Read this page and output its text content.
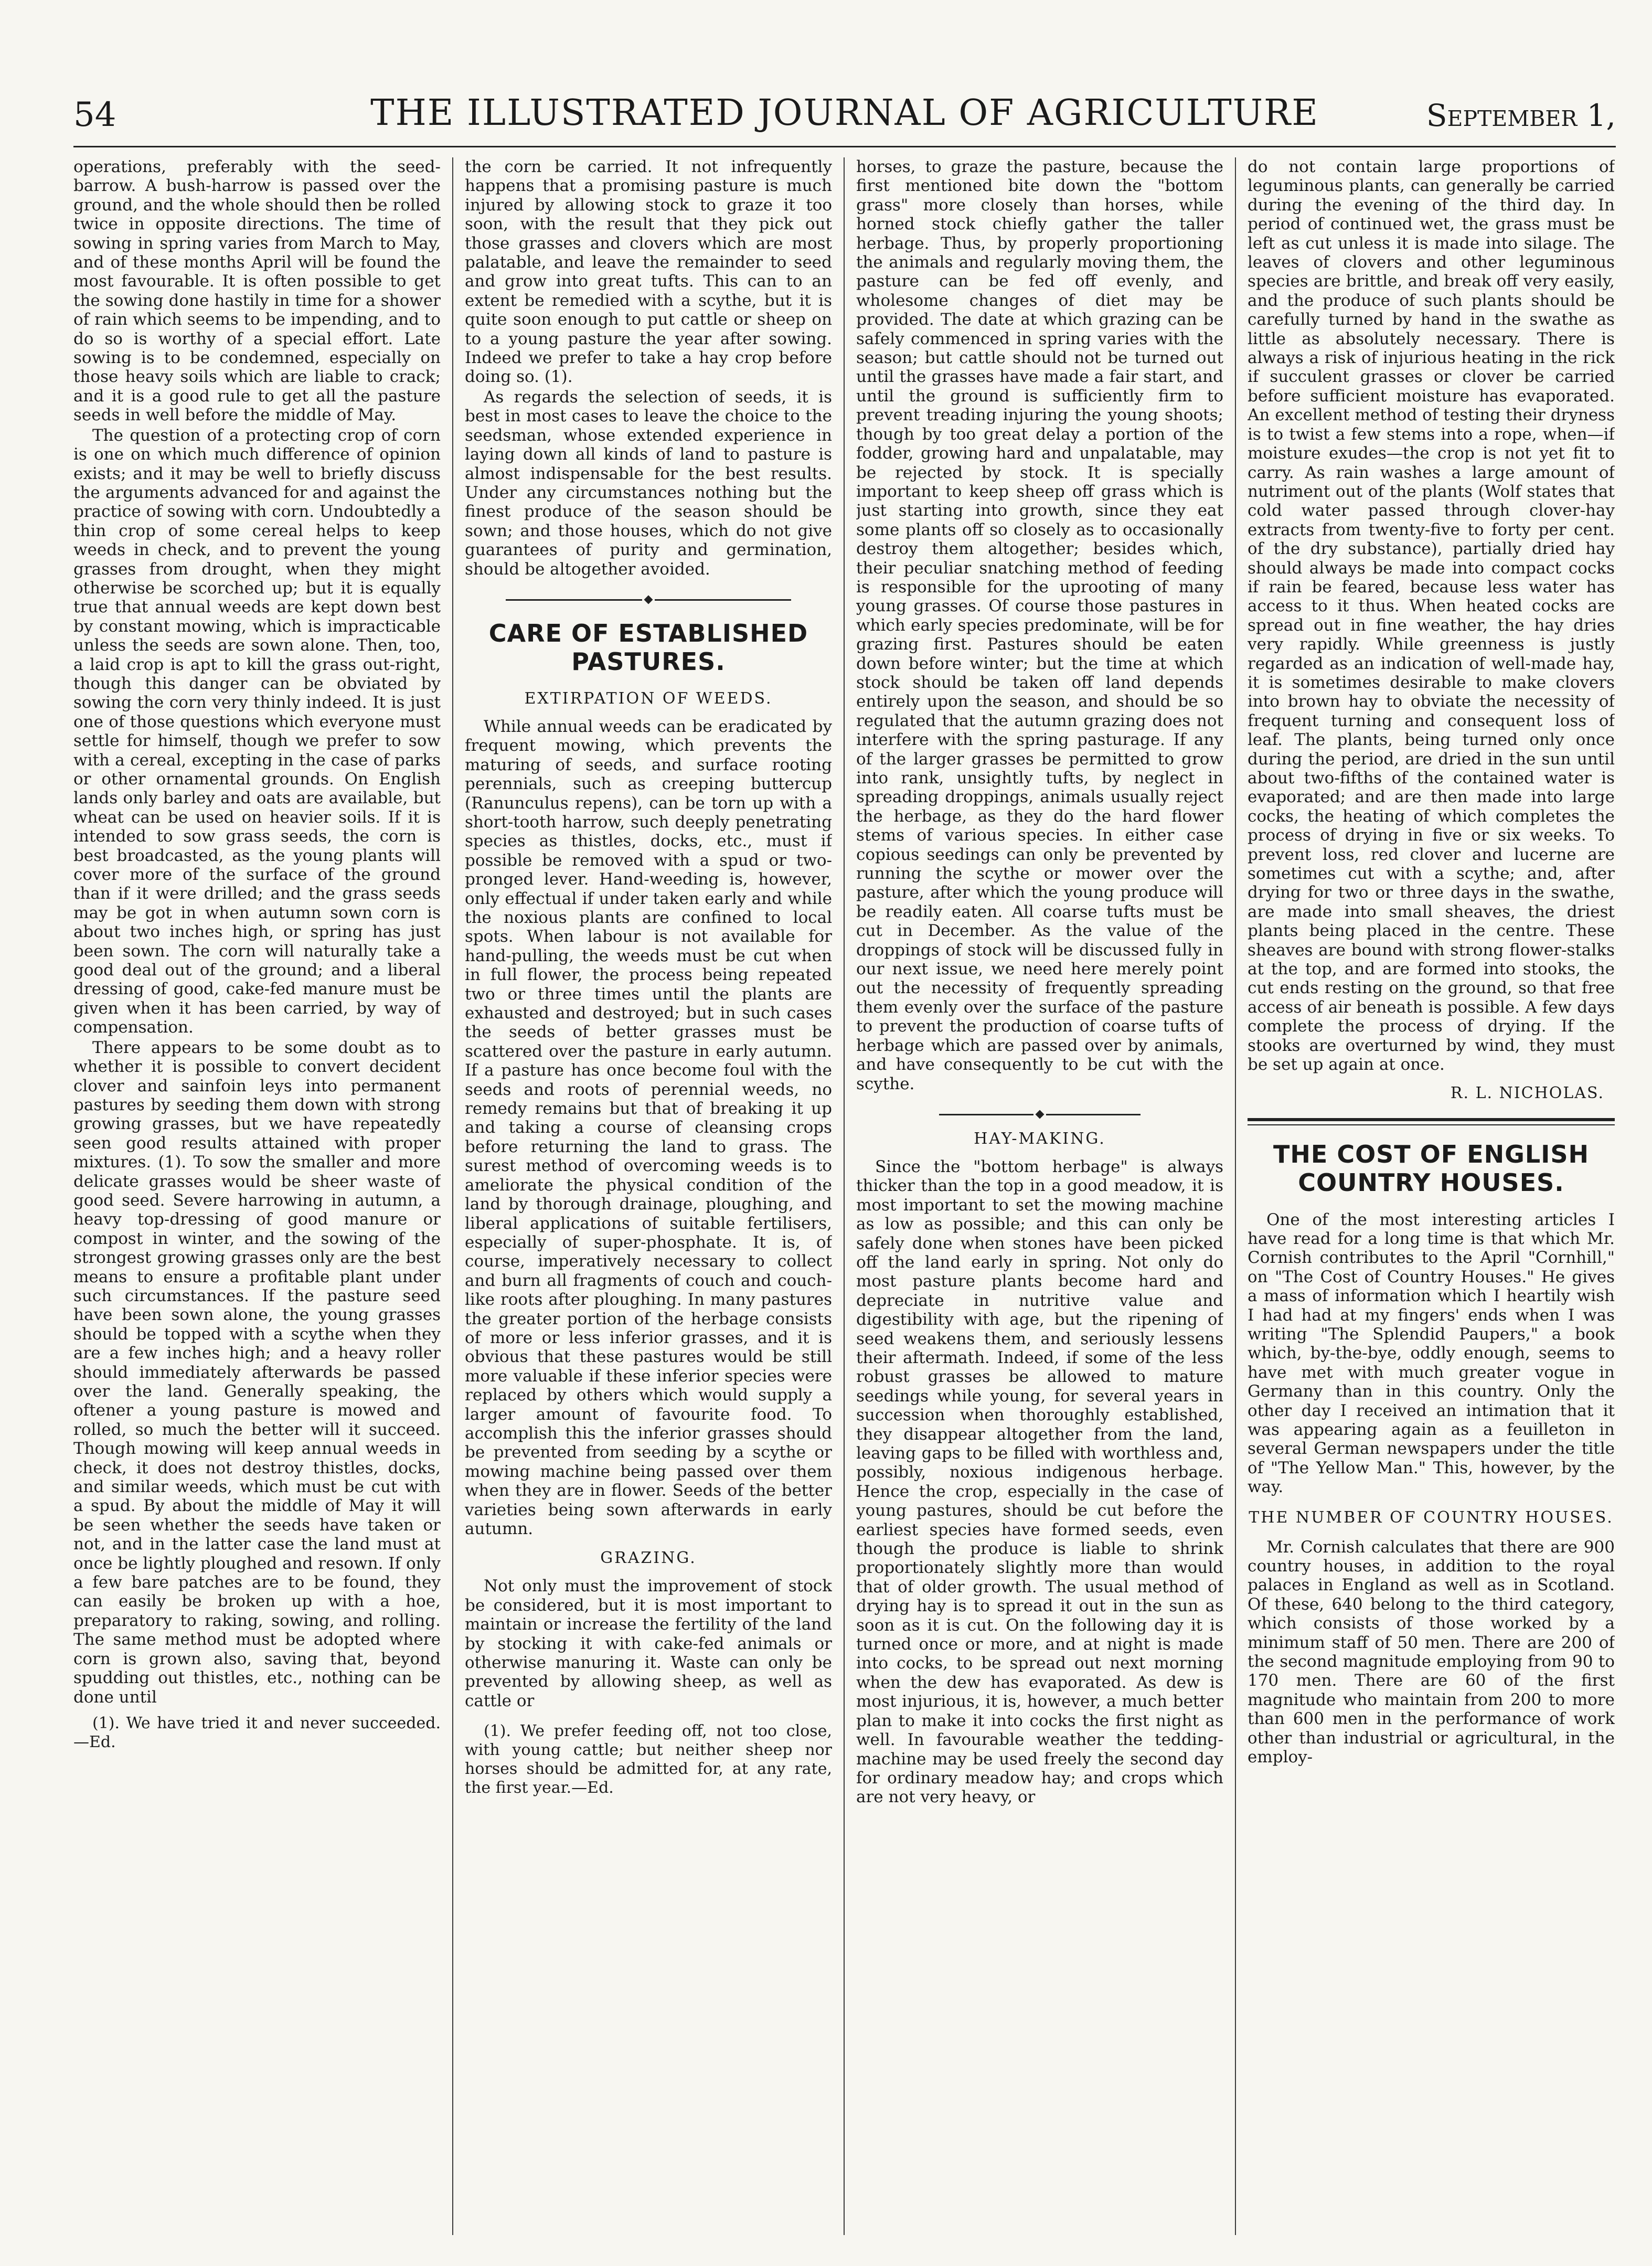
54	THE ILLUSTRATED JOURNAL OF AGRICULTURE	September 1,

operations, preferably with the seed-barrow. A bush-harrow is passed over the ground, and the whole should then be rolled twice in opposite directions. The time of sowing in spring varies from March to May, and of these months April will be found the most favourable. It is often possible to get the sowing done hastily in time for a shower of rain which seems to be impending, and to do so is worthy of a special effort. Late sowing is to be condemned, especially on those heavy soils which are liable to crack; and it is a good rule to get all the pasture seeds in well before the middle of May.

The question of a protecting crop of corn is one on which much difference of opinion exists; and it may be well to briefly discuss the arguments advanced for and against the practice of sowing with corn. Undoubtedly a thin crop of some cereal helps to keep weeds in check, and to prevent the young grasses from drought, when they might otherwise be scorched up; but it is equally true that annual weeds are kept down best by constant mowing, which is impracticable unless the seeds are sown alone. Then, too, a laid crop is apt to kill the grass out-right, though this danger can be obviated by sowing the corn very thinly indeed. It is just one of those questions which everyone must settle for himself, though we prefer to sow with a cereal, excepting in the case of parks or other ornamental grounds. On English lands only barley and oats are available, but wheat can be used on heavier soils. If it is intended to sow grass seeds, the corn is best broadcasted, as the young plants will cover more of the surface of the ground than if it were drilled; and the grass seeds may be got in when autumn sown corn is about two inches high, or spring has just been sown. The corn will naturally take a good deal out of the ground; and a liberal dressing of good, cake-fed manure must be given when it has been carried, by way of compensation.

There appears to be some doubt as to whether it is possible to convert decident clover and sainfoin leys into permanent pastures by seeding them down with strong growing grasses, but we have repeatedly seen good results attained with proper mixtures. (1). To sow the smaller and more delicate grasses would be sheer waste of good seed. Severe harrowing in autumn, a heavy top-dressing of good manure or compost in winter, and the sowing of the strongest growing grasses only are the best means to ensure a profitable plant under such circumstances. If the pasture seed have been sown alone, the young grasses should be topped with a scythe when they are a few inches high; and a heavy roller should immediately afterwards be passed over the land. Generally speaking, the oftener a young pasture is mowed and rolled, so much the better will it succeed. Though mowing will keep annual weeds in check, it does not destroy thistles, docks, and similar weeds, which must be cut with a spud. By about the middle of May it will be seen whether the seeds have taken or not, and in the latter case the land must at once be lightly ploughed and resown. If only a few bare patches are to be found, they can easily be broken up with a hoe, preparatory to raking, sowing, and rolling. The same method must be adopted where corn is grown also, saving that, beyond spudding out thistles, etc., nothing can be done until

(1). We have tried it and never succeeded.—Ed.

the corn be carried. It not infrequently happens that a promising pasture is much injured by allowing stock to graze it too soon, with the result that they pick out those grasses and clovers which are most palatable, and leave the remainder to seed and grow into great tufts. This can to an extent be remedied with a scythe, but it is quite soon enough to put cattle or sheep on to a young pasture the year after sowing. Indeed we prefer to take a hay crop before doing so. (1).

As regards the selection of seeds, it is best in most cases to leave the choice to the seedsman, whose extended experience in laying down all kinds of land to pasture is almost indispensable for the best results. Under any circumstances nothing but the finest produce of the season should be sown; and those houses, which do not give guarantees of purity and germination, should be altogether avoided.

CARE OF ESTABLISHED PASTURES.
EXTIRPATION OF WEEDS.

While annual weeds can be eradicated by frequent mowing, which prevents the maturing of seeds, and surface rooting perennials, such as creeping buttercup (Ranunculus repens), can be torn up with a short-tooth harrow, such deeply penetrating species as thistles, docks, etc., must if possible be removed with a spud or two-pronged lever. Hand-weeding is, however, only effectual if under taken early and while the noxious plants are confined to local spots. When labour is not available for hand-pulling, the weeds must be cut when in full flower, the process being repeated two or three times until the plants are exhausted and destroyed; but in such cases the seeds of better grasses must be scattered over the pasture in early autumn. If a pasture has once become foul with the seeds and roots of perennial weeds, no remedy remains but that of breaking it up and taking a course of cleansing crops before returning the land to grass. The surest method of overcoming weeds is to ameliorate the physical condition of the land by thorough drainage, ploughing, and liberal applications of suitable fertilisers, especially of super-phosphate. It is, of course, imperatively necessary to collect and burn all fragments of couch and couch-like roots after ploughing. In many pastures the greater portion of the herbage consists of more or less inferior grasses, and it is obvious that these pastures would be still more valuable if these inferior species were replaced by others which would supply a larger amount of favourite food. To accomplish this the inferior grasses should be prevented from seeding by a scythe or mowing machine being passed over them when they are in flower. Seeds of the better varieties being sown afterwards in early autumn.

GRAZING.

Not only must the improvement of stock be considered, but it is most important to maintain or increase the fertility of the land by stocking it with cake-fed animals or otherwise manuring it. Waste can only be prevented by allowing sheep, as well as cattle or

(1). We prefer feeding off, not too close, with young cattle; but neither sheep nor horses should be admitted for, at any rate, the first year.—Ed.

horses, to graze the pasture, because the first mentioned bite down the "bottom grass" more closely than horses, while horned stock chiefly gather the taller herbage. Thus, by properly proportioning the animals and regularly moving them, the pasture can be fed off evenly, and wholesome changes of diet may be provided. The date at which grazing can be safely commenced in spring varies with the season; but cattle should not be turned out until the grasses have made a fair start, and until the ground is sufficiently firm to prevent treading injuring the young shoots; though by too great delay a portion of the fodder, growing hard and unpalatable, may be rejected by stock. It is specially important to keep sheep off grass which is just starting into growth, since they eat some plants off so closely as to occasionally destroy them altogether; besides which, their peculiar snatching method of feeding is responsible for the uprooting of many young grasses. Of course those pastures in which early species predominate, will be for grazing first. Pastures should be eaten down before winter; but the time at which stock should be taken off land depends entirely upon the season, and should be so regulated that the autumn grazing does not interfere with the spring pasturage. If any of the larger grasses be permitted to grow into rank, unsightly tufts, by neglect in spreading droppings, animals usually reject the herbage, as they do the hard flower stems of various species. In either case copious seedings can only be prevented by running the scythe or mower over the pasture, after which the young produce will be readily eaten. All coarse tufts must be cut in December. As the value of the droppings of stock will be discussed fully in our next issue, we need here merely point out the necessity of frequently spreading them evenly over the surface of the pasture to prevent the production of coarse tufts of herbage which are passed over by animals, and have consequently to be cut with the scythe.

HAY-MAKING.

Since the "bottom herbage" is always thicker than the top in a good meadow, it is most important to set the mowing machine as low as possible; and this can only be safely done when stones have been picked off the land early in spring. Not only do most pasture plants become hard and depreciate in nutritive value and digestibility with age, but the ripening of seed weakens them, and seriously lessens their aftermath. Indeed, if some of the less robust grasses be allowed to mature seedings while young, for several years in succession when thoroughly established, they disappear altogether from the land, leaving gaps to be filled with worthless and, possibly, noxious indigenous herbage. Hence the crop, especially in the case of young pastures, should be cut before the earliest species have formed seeds, even though the produce is liable to shrink proportionately slightly more than would that of older growth. The usual method of drying hay is to spread it out in the sun as soon as it is cut. On the following day it is turned once or more, and at night is made into cocks, to be spread out next morning when the dew has evaporated. As dew is most injurious, it is, however, a much better plan to make it into cocks the first night as well. In favourable weather the tedding-machine may be used freely the second day for ordinary meadow hay; and crops which are not very heavy, or

do not contain large proportions of leguminous plants, can generally be carried during the evening of the third day. In period of continued wet, the grass must be left as cut unless it is made into silage. The leaves of clovers and other leguminous species are brittle, and break off very easily, and the produce of such plants should be carefully turned by hand in the swathe as little as absolutely necessary. There is always a risk of injurious heating in the rick if succulent grasses or clover be carried before sufficient moisture has evaporated. An excellent method of testing their dryness is to twist a few stems into a rope, when—if moisture exudes—the crop is not yet fit to carry. As rain washes a large amount of nutriment out of the plants (Wolf states that cold water passed through clover-hay extracts from twenty-five to forty per cent. of the dry substance), partially dried hay should always be made into compact cocks if rain be feared, because less water has access to it thus. When heated cocks are spread out in fine weather, the hay dries very rapidly. While greenness is justly regarded as an indication of well-made hay, it is sometimes desirable to make clovers into brown hay to obviate the necessity of frequent turning and consequent loss of leaf. The plants, being turned only once during the period, are dried in the sun until about two-fifths of the contained water is evaporated; and are then made into large cocks, the heating of which completes the process of drying in five or six weeks. To prevent loss, red clover and lucerne are sometimes cut with a scythe; and, after drying for two or three days in the swathe, are made into small sheaves, the driest plants being placed in the centre. These sheaves are bound with strong flower-stalks at the top, and are formed into stooks, the cut ends resting on the ground, so that free access of air beneath is possible. A few days complete the process of drying. If the stooks are overturned by wind, they must be set up again at once.

R. L. NICHOLAS.
THE COST OF ENGLISH COUNTRY HOUSES.

One of the most interesting articles I have read for a long time is that which Mr. Cornish contributes to the April "Cornhill," on "The Cost of Country Houses." He gives a mass of information which I heartily wish I had had at my fingers' ends when I was writing "The Splendid Paupers," a book which, by-the-bye, oddly enough, seems to have met with much greater vogue in Germany than in this country. Only the other day I received an intimation that it was appearing again as a feuilleton in several German newspapers under the title of "The Yellow Man." This, however, by the way.

THE NUMBER OF COUNTRY HOUSES.

Mr. Cornish calculates that there are 900 country houses, in addition to the royal palaces in England as well as in Scotland. Of these, 640 belong to the third category, which consists of those worked by a minimum staff of 50 men. There are 200 of the second magnitude employing from 90 to 170 men. There are 60 of the first magnitude who maintain from 200 to more than 600 men in the performance of work other than industrial or agricultural, in the employ-
